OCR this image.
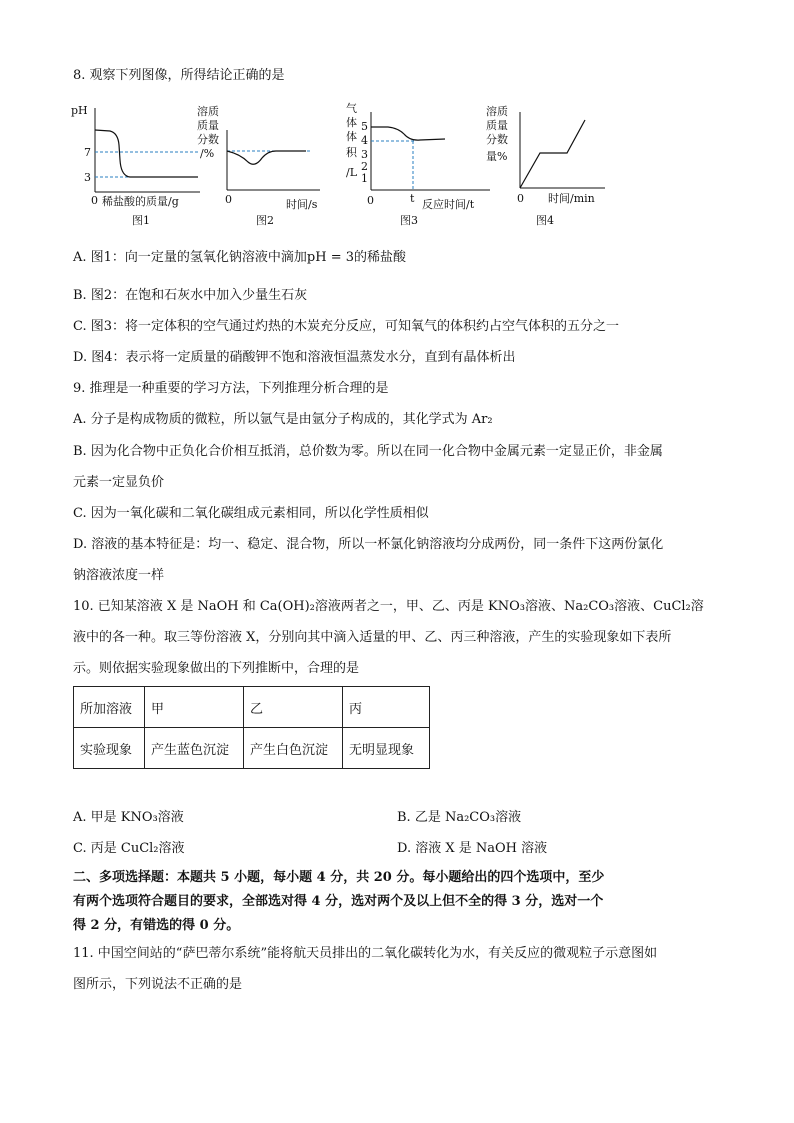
8. 观察下列图像，所得结论正确的是
pH
7
3
0 稀盐酸的质量/g
图1
溶质
质量
分数
/%
0	时间/s
图2
气
体
体
积
/L
5
4
3
2
1
0	t 反应时间/t
图3
溶质
质量
分数
量%
0 时间/min
图4
A. 图1：向一定量的氢氧化钠溶液中滴加pH = 3的稀盐酸
B. 图2：在饱和石灰水中加入少量生石灰
C. 图3：将一定体积的空气通过灼热的木炭充分反应，可知氧气的体积约占空气体积的五分之一
D. 图4：表示将一定质量的硝酸钾不饱和溶液恒温蒸发水分，直到有晶体析出
9. 推理是一种重要的学习方法，下列推理分析合理的是
A. 分子是构成物质的微粒，所以氩气是由氩分子构成的，其化学式为 Ar₂
B. 因为化合物中正负化合价相互抵消，总价数为零。所以在同一化合物中金属元素一定显正价，非金属
元素一定显负价
C. 因为一氧化碳和二氧化碳组成元素相同，所以化学性质相似
D. 溶液的基本特征是：均一、稳定、混合物，所以一杯氯化钠溶液均分成两份，同一条件下这两份氯化
钠溶液浓度一样
10. 已知某溶液 X 是 NaOH 和 Ca(OH)₂溶液两者之一，甲、乙、丙是 KNO₃溶液、Na₂CO₃溶液、CuCl₂溶
液中的各一种。取三等份溶液 X，分别向其中滴入适量的甲、乙、丙三种溶液，产生的实验现象如下表所
示。则依据实验现象做出的下列推断中，合理的是
所加溶液	甲	乙	丙
实验现象	产生蓝色沉淀	产生白色沉淀	无明显现象
A. 甲是 KNO₃溶液	B. 乙是 Na₂CO₃溶液
C. 丙是 CuCl₂溶液	D. 溶液 X 是 NaOH 溶液
二、多项选择题：本题共 5 小题，每小题 4 分，共 20 分。每小题给出的四个选项中，至少
有两个选项符合题目的要求，全部选对得 4 分，选对两个及以上但不全的得 3 分，选对一个
得 2 分，有错选的得 0 分。
11. 中国空间站的“萨巴蒂尔系统”能将航天员排出的二氧化碳转化为水，有关反应的微观粒子示意图如
图所示，下列说法不正确的是
